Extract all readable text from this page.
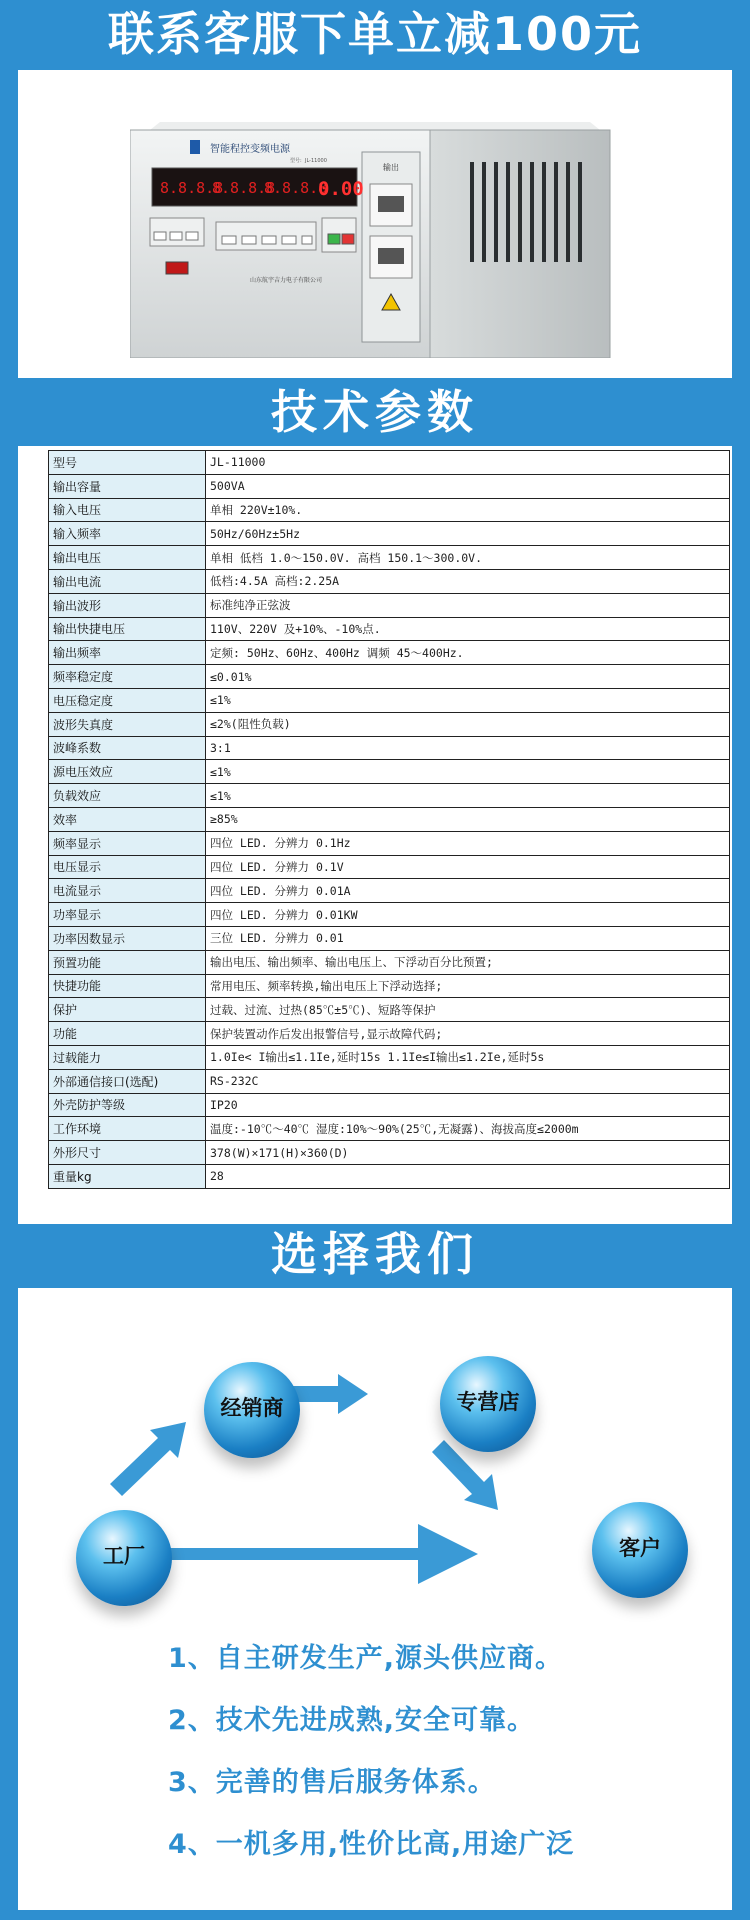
联系客服下单立减100元
输出
智能程控变频电源
型号: JL-11000
8.8.8.8
8.8.8.8
8.8.8.8
0.00
山东航宇吉力电子有限公司
技术参数
型号	JL-11000
输出容量	500VA
输入电压	单相 220V±10%.
输入频率	50Hz/60Hz±5Hz
输出电压	单相 低档 1.0～150.0V. 高档 150.1～300.0V.
输出电流	低档:4.5A 高档:2.25A
输出波形	标准纯净正弦波
输出快捷电压	110V、220V 及+10%、-10%点.
输出频率	定频: 50Hz、60Hz、400Hz 调频 45～400Hz.
频率稳定度	≤0.01%
电压稳定度	≤1%
波形失真度	≤2%(阻性负载)
波峰系数	3:1
源电压效应	≤1%
负载效应	≤1%
效率	≥85%
频率显示	四位 LED. 分辨力 0.1Hz
电压显示	四位 LED. 分辨力 0.1V
电流显示	四位 LED. 分辨力 0.01A
功率显示	四位 LED. 分辨力 0.01KW
功率因数显示	三位 LED. 分辨力 0.01
预置功能	输出电压、输出频率、输出电压上、下浮动百分比预置;
快捷功能	常用电压、频率转换,输出电压上下浮动选择;
保护	过载、过流、过热(85℃±5℃)、短路等保护
功能	保护装置动作后发出报警信号,显示故障代码;
过载能力	1.0Ie< I输出≤1.1Ie,延时15s 1.1Ie≤I输出≤1.2Ie,延时5s
外部通信接口(选配)	RS-232C
外壳防护等级	IP20
工作环境	温度:-10℃～40℃ 湿度:10%～90%(25℃,无凝露)、海拔高度≤2000m
外形尺寸	378(W)×171(H)×360(D)
重量kg	28
选择我们
经销商	专营店
工厂	客户
1、自主研发生产,源头供应商。
2、技术先进成熟,安全可靠。
3、完善的售后服务体系。
4、一机多用,性价比高,用途广泛
